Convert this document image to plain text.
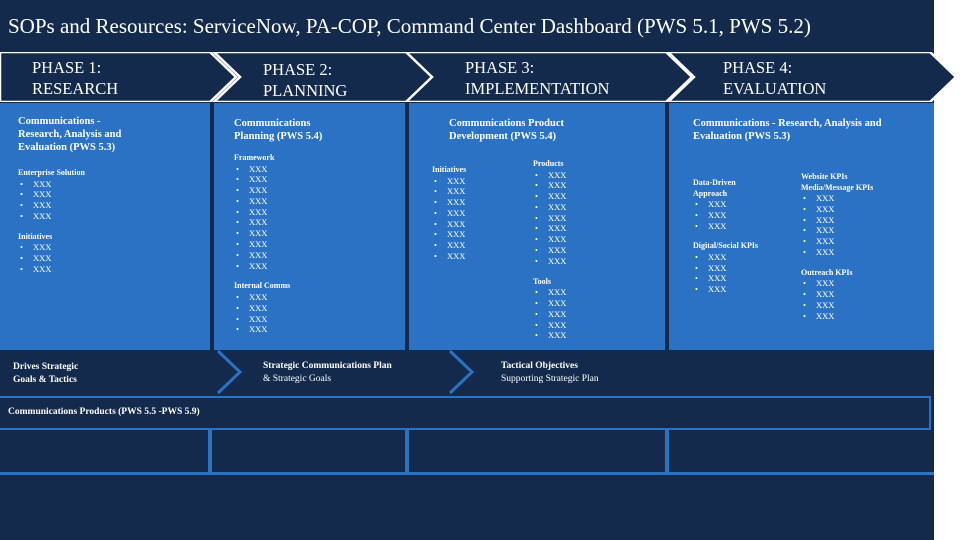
SOPs and Resources: ServiceNow, PA-COP, Command Center Dashboard (PWS 5.1, PWS 5.2)
PHASE 1:
RESEARCH
PHASE 2:
PLANNING
PHASE 3:
IMPLEMENTATION
PHASE 4:
EVALUATION
Communications -
Research, Analysis and
Evaluation (PWS 5.3)
Enterprise Solution
• XXX
• XXX
• XXX
• XXX
Initiatives
• XXX
• XXX
• XXX
Communications
Planning (PWS 5.4)
Framework
• XXX
• XXX
• XXX
• XXX
• XXX
• XXX
• XXX
• XXX
• XXX
• XXX
Internal Comms
• XXX
• XXX
• XXX
• XXX
Communications Product
Development (PWS 5.4)
Initiatives
• XXX
• XXX
• XXX
• XXX
• XXX
• XXX
• XXX
• XXX
Products
• XXX
• XXX
• XXX
• XXX
• XXX
• XXX
• XXX
• XXX
• XXX
Tools
• XXX
• XXX
• XXX
• XXX
• XXX
Communications - Research, Analysis and
Evaluation (PWS 5.3)
Data-Driven
Approach
• XXX
• XXX
• XXX
Digital/Social KPIs
• XXX
• XXX
• XXX
• XXX
Website KPIs
Media/Message KPIs
• XXX
• XXX
• XXX
• XXX
• XXX
• XXX
Outreach KPIs
• XXX
• XXX
• XXX
• XXX
Drives Strategic
Goals & Tactics
Strategic Communications Plan
& Strategic Goals
Tactical Objectives
Supporting Strategic Plan
Communications Products (PWS 5.5 -PWS 5.9)
